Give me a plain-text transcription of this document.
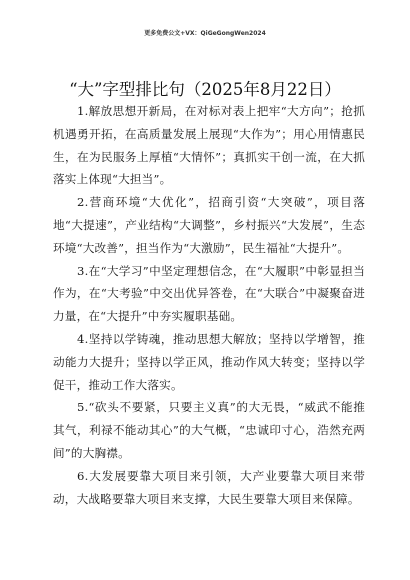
更多免费公文+VX：QiGeGongWen2024
“大”字型排比句（2025年8月22日）

1.解放思想开新局，在对标对表上把牢“大方向”；抢抓机遇勇开拓，在高质量发展上展现“大作为”；用心用情惠民生，在为民服务上厚植“大情怀”；真抓实干创一流，在大抓落实上体现“大担当”。

2.营商环境“大优化”，招商引资“大突破”，项目落地“大提速”，产业结构“大调整”，乡村振兴“大发展”，生态环境“大改善”，担当作为“大激励”，民生福祉“大提升”。

3.在“大学习”中坚定理想信念，在“大履职”中彰显担当作为，在“大考验”中交出优异答卷，在“大联合”中凝聚奋进力量，在“大提升”中夯实履职基础。

4.坚持以学铸魂，推动思想大解放；坚持以学增智，推动能力大提升；坚持以学正风，推动作风大转变；坚持以学促干，推动工作大落实。

5.“砍头不要紧，只要主义真”的大无畏，“威武不能推其气，利禄不能动其心”的大气概，“忠诚印寸心，浩然充两间”的大胸襟。

6.大发展要靠大项目来引领，大产业要靠大项目来带动，大战略要靠大项目来支撑，大民生要靠大项目来保障。
